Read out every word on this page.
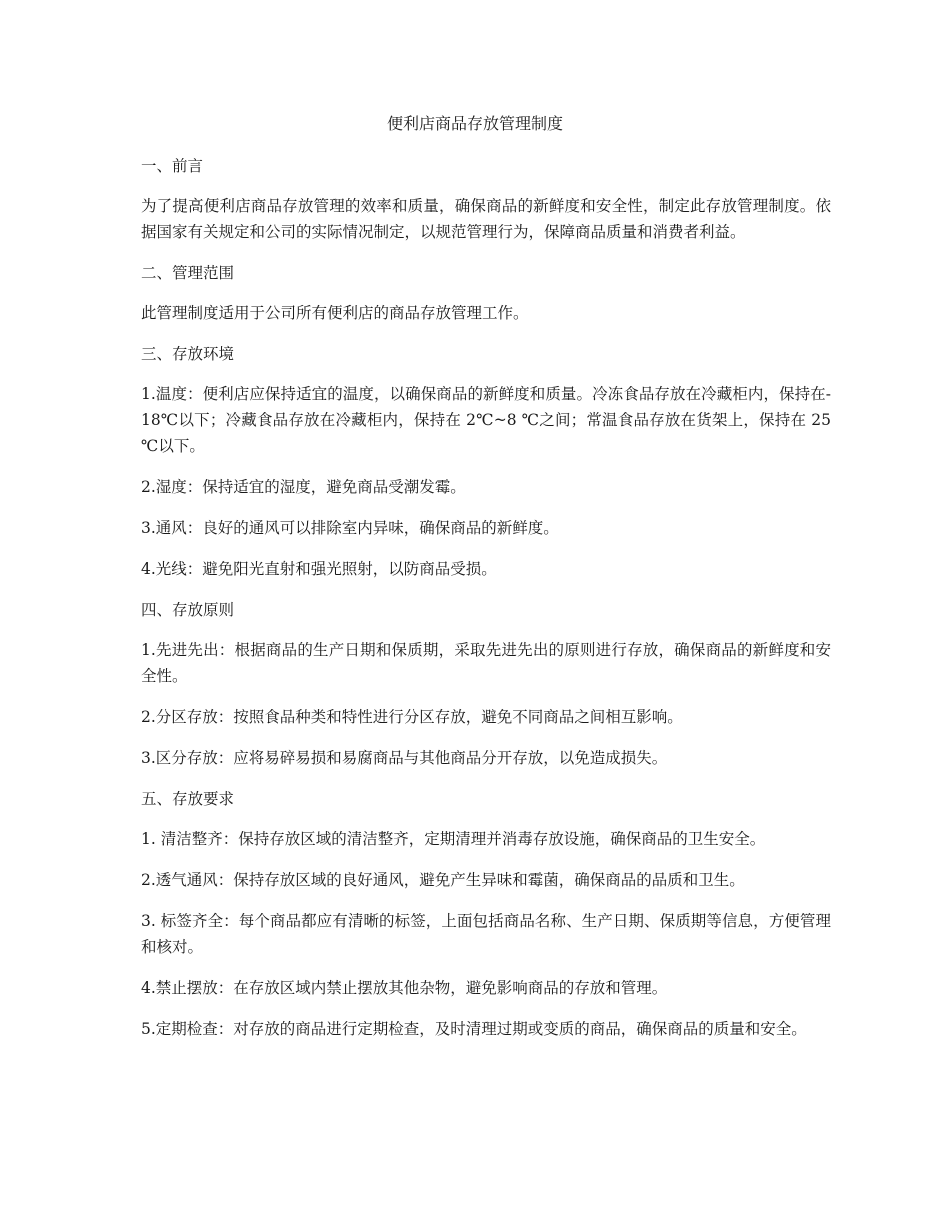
便利店商品存放管理制度
一、前言

为了提高便利店商品存放管理的效率和质量，确保商品的新鲜度和安全性，制定此存放管理制度。依据国家有关规定和公司的实际情况制定，以规范管理行为，保障商品质量和消费者利益。

二、管理范围

此管理制度适用于公司所有便利店的商品存放管理工作。

三、存放环境

1.温度：便利店应保持适宜的温度，以确保商品的新鲜度和质量。冷冻食品存放在冷藏柜内，保持在-18℃以下；冷藏食品存放在冷藏柜内，保持在 2℃~8 ℃之间；常温食品存放在货架上，保持在 25 ℃以下。

2.湿度：保持适宜的湿度，避免商品受潮发霉。

3.通风：良好的通风可以排除室内异味，确保商品的新鲜度。

4.光线：避免阳光直射和强光照射，以防商品受损。

四、存放原则

1.先进先出：根据商品的生产日期和保质期，采取先进先出的原则进行存放，确保商品的新鲜度和安全性。

2.分区存放：按照食品种类和特性进行分区存放，避免不同商品之间相互影响。

3.区分存放：应将易碎易损和易腐商品与其他商品分开存放，以免造成损失。

五、存放要求

1. 清洁整齐：保持存放区域的清洁整齐，定期清理并消毒存放设施，确保商品的卫生安全。

2.透气通风：保持存放区域的良好通风，避免产生异味和霉菌，确保商品的品质和卫生。

3. 标签齐全：每个商品都应有清晰的标签，上面包括商品名称、生产日期、保质期等信息，方便管理和核对。

4.禁止摆放：在存放区域内禁止摆放其他杂物，避免影响商品的存放和管理。

5.定期检查：对存放的商品进行定期检查，及时清理过期或变质的商品，确保商品的质量和安全。
